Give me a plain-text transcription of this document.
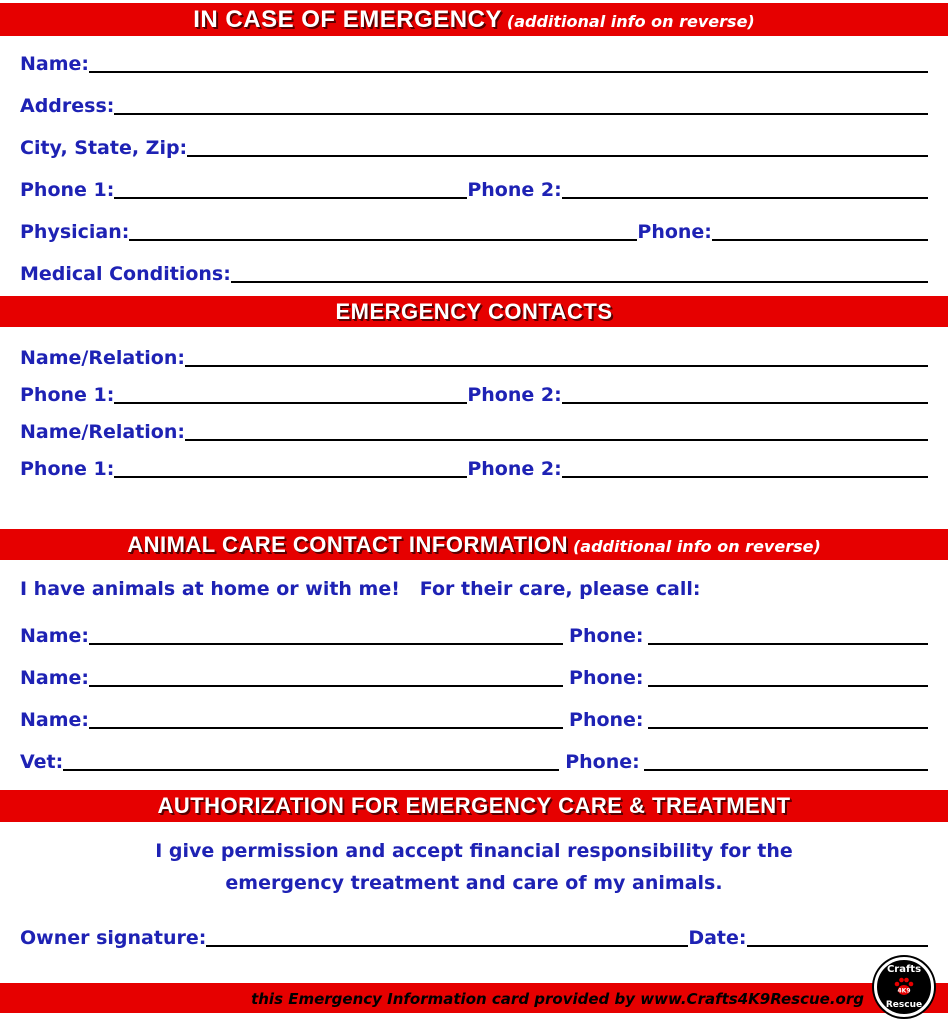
IN CASE OF EMERGENCY (additional info on reverse)
Name:
Address:
City, State, Zip:
Phone 1:	Phone 2:
Physician:	Phone:
Medical Conditions:
EMERGENCY CONTACTS
Name/Relation:
Phone 1:	Phone 2:
Name/Relation:
Phone 1:	Phone 2:
ANIMAL CARE CONTACT INFORMATION (additional info on reverse)
I have animals at home or with me!   For their care, please call:
Name:	Phone:
Name:	Phone:
Name:	Phone:
Vet:	Phone:
AUTHORIZATION FOR EMERGENCY CARE & TREATMENT
I give permission and accept financial responsibility for the
emergency treatment and care of my animals.
Owner signature:	Date:
this Emergency Information card provided by www.Crafts4K9Rescue.org
Crafts
4K9
Rescue
